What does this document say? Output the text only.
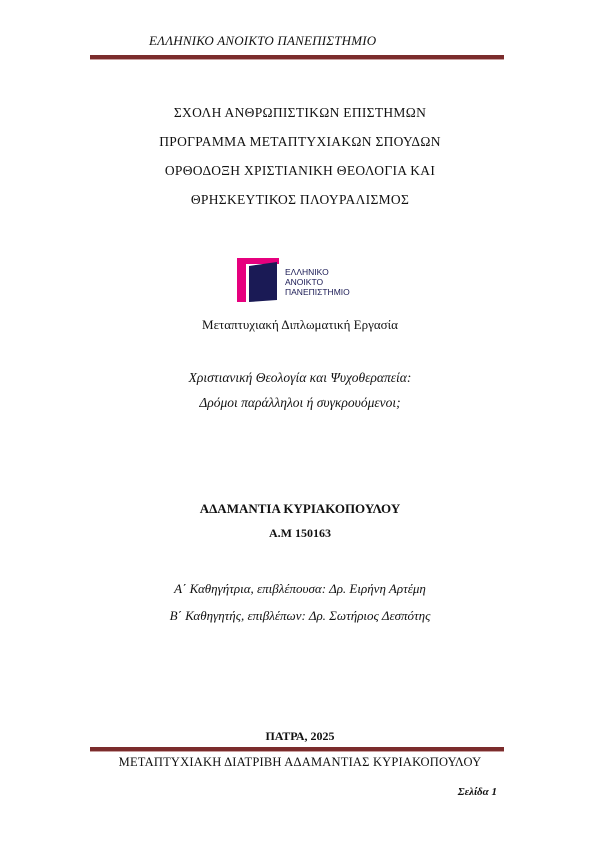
ΕΛΛΗΝΙΚΟ ΑΝΟΙΚΤΟ ΠΑΝΕΠΙΣΤΗΜΙΟ
ΣΧΟΛΗ ΑΝΘΡΩΠΙΣΤΙΚΩΝ ΕΠΙΣΤΗΜΩΝ
ΠΡΟΓΡΑΜΜΑ ΜΕΤΑΠΤΥΧΙΑΚΩΝ ΣΠΟΥΔΩΝ
ΟΡΘΟΔΟΞΗ ΧΡΙΣΤΙΑΝΙΚΗ ΘΕΟΛΟΓΙΑ ΚΑΙ
ΘΡΗΣΚΕΥΤΙΚΟΣ ΠΛΟΥΡΑΛΙΣΜΟΣ
ΕΛΛΗΝΙΚΟ
ΑΝΟΙΚΤΟ
ΠΑΝΕΠΙΣΤΗΜΙΟ
Μεταπτυχιακή Διπλωματική Εργασία
Χριστιανική Θεολογία και Ψυχοθεραπεία:
Δρόμοι παράλληλοι ή συγκρουόμενοι;
ΑΔΑΜΑΝΤΙΑ ΚΥΡΙΑΚΟΠΟΥΛΟΥ
Α.Μ 150163
Α΄ Καθηγήτρια, επιβλέπουσα: Δρ. Ειρήνη Αρτέμη
Β΄ Καθηγητής, επιβλέπων: Δρ. Σωτήριος Δεσπότης
ΠΑΤΡΑ, 2025
ΜΕΤΑΠΤΥΧΙΑΚΗ ΔΙΑΤΡΙΒΗ ΑΔΑΜΑΝΤΙΑΣ ΚΥΡΙΑΚΟΠΟΥΛΟΥ
Σελίδα 1
